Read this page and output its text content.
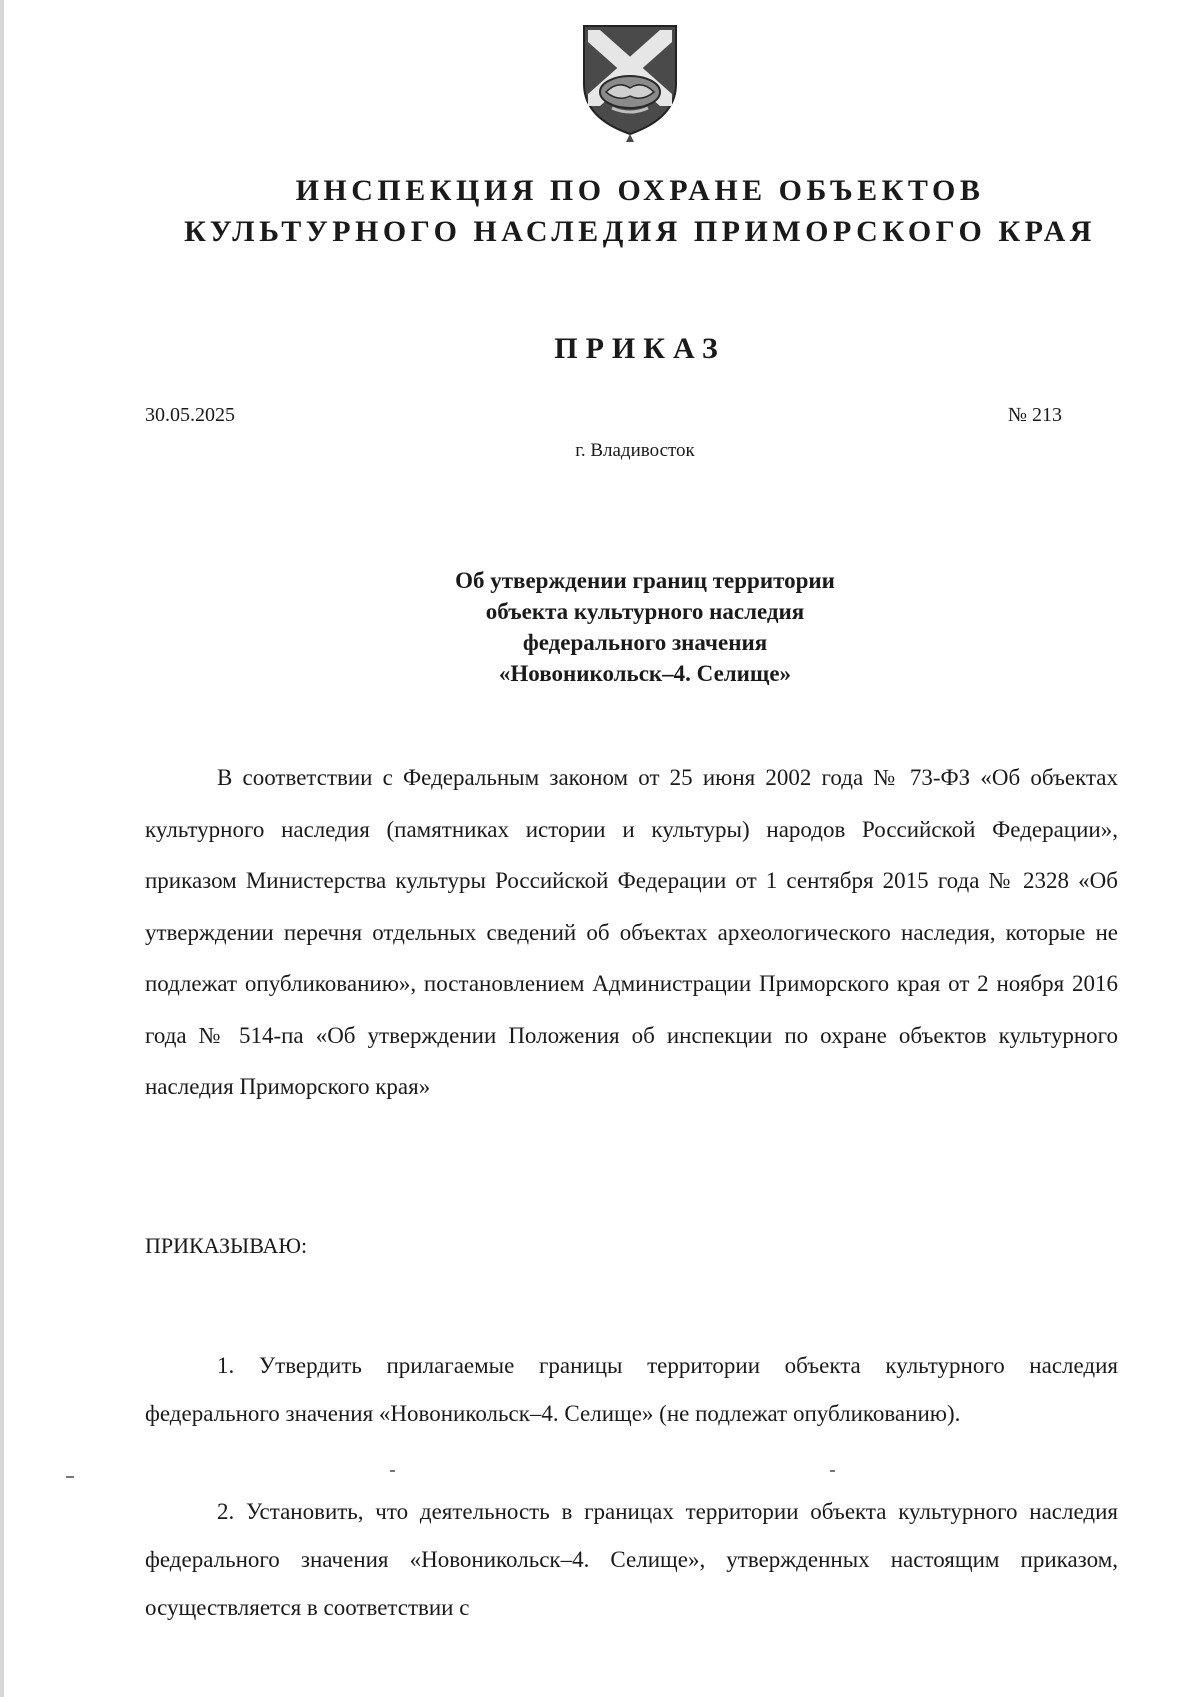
ИНСПЕКЦИЯ ПО ОХРАНЕ ОБЪЕКТОВ
КУЛЬТУРНОГО НАСЛЕДИЯ ПРИМОРСКОГО КРАЯ
ПРИКАЗ
30.05.2025	№ 213
г. Владивосток
Об утверждении границ территории
объекта культурного наследия
федерального значения
«Новоникольск–4. Селище»
В соответствии с Федеральным законом от 25 июня 2002 года № 73-ФЗ «Об объектах культурного наследия (памятниках истории и культуры) народов Российской Федерации», приказом Министерства культуры Российской Федерации от 1 сентября 2015 года № 2328 «Об утверждении перечня отдельных сведений об объектах археологического наследия, которые не подлежат опубликованию», постановлением Администрации Приморского края от 2 ноября 2016 года № 514-па «Об утверждении Положения об инспекции по охране объектов культурного наследия Приморского края»
ПРИКАЗЫВАЮ:
1. Утвердить прилагаемые границы территории объекта культурного наследия федерального значения «Новоникольск–4. Селище» (не подлежат опубликованию).
2. Установить, что деятельность в границах территории объекта культурного наследия федерального значения «Новоникольск–4. Селище», утвержденных настоящим приказом, осуществляется в соответствии с
